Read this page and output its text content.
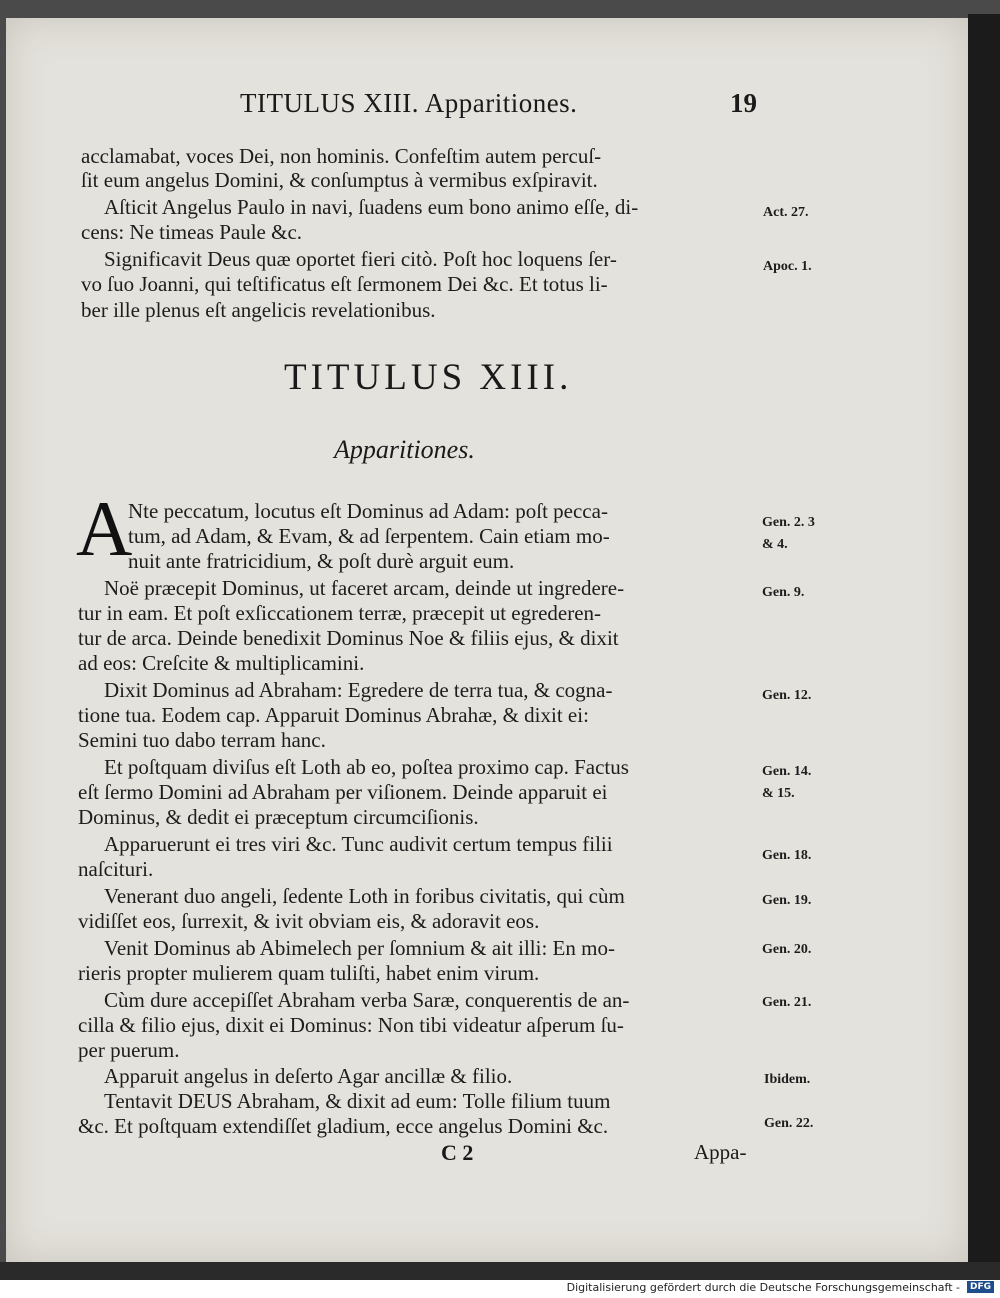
TITULUS XIII. Apparitiones.	19
acclamabat, voces Dei, non hominis. Confeſtim autem percuſ-
ſit eum angelus Domini, & conſumptus à vermibus exſpiravit.
Aſticit Angelus Paulo in navi, ſuadens eum bono animo eſſe, di-
cens: Ne timeas Paule &c.
Significavit Deus quæ oportet fieri citò. Poſt hoc loquens ſer-
vo ſuo Joanni, qui teſtificatus eſt ſermonem Dei &c. Et totus li-
ber ille plenus eſt angelicis revelationibus.
Act. 27.
Apoc. 1.
TITULUS XIII.
Apparitiones.
A
Nte peccatum, locutus eſt Dominus ad Adam: poſt pecca-
tum, ad Adam, & Evam, & ad ſerpentem. Cain etiam mo-
nuit ante fratricidium, & poſt durè arguit eum.
Noë præcepit Dominus, ut faceret arcam, deinde ut ingredere-
tur in eam. Et poſt exſiccationem terræ, præcepit ut egrederen-
tur de arca. Deinde benedixit Dominus Noe & filiis ejus, & dixit
ad eos: Creſcite & multiplicamini.
Dixit Dominus ad Abraham: Egredere de terra tua, & cogna-
tione tua. Eodem cap. Apparuit Dominus Abrahæ, & dixit ei:
Semini tuo dabo terram hanc.
Et poſtquam diviſus eſt Loth ab eo, poſtea proximo cap. Factus
eſt ſermo Domini ad Abraham per viſionem. Deinde apparuit ei
Dominus, & dedit ei præceptum circumciſionis.
Apparuerunt ei tres viri &c. Tunc audivit certum tempus filii
naſcituri.
Venerant duo angeli, ſedente Loth in foribus civitatis, qui cùm
vidiſſet eos, ſurrexit, & ivit obviam eis, & adoravit eos.
Venit Dominus ab Abimelech per ſomnium & ait illi: En mo-
rieris propter mulierem quam tuliſti, habet enim virum.
Cùm dure accepiſſet Abraham verba Saræ, conquerentis de an-
cilla & filio ejus, dixit ei Dominus: Non tibi videatur aſperum ſu-
per puerum.
Apparuit angelus in deſerto Agar ancillæ & filio.
Tentavit DEUS Abraham, & dixit ad eum: Tolle filium tuum
&c. Et poſtquam extendiſſet gladium, ecce angelus Domini &c.
Gen. 2. 3
& 4.
Gen. 9.
Gen. 12.
Gen. 14.
& 15.
Gen. 18.
Gen. 19.
Gen. 20.
Gen. 21.
Ibidem.
Gen. 22.
C 2	Appa-
Digitalisierung gefördert durch die Deutsche Forschungsgemeinschaft -	DFG
